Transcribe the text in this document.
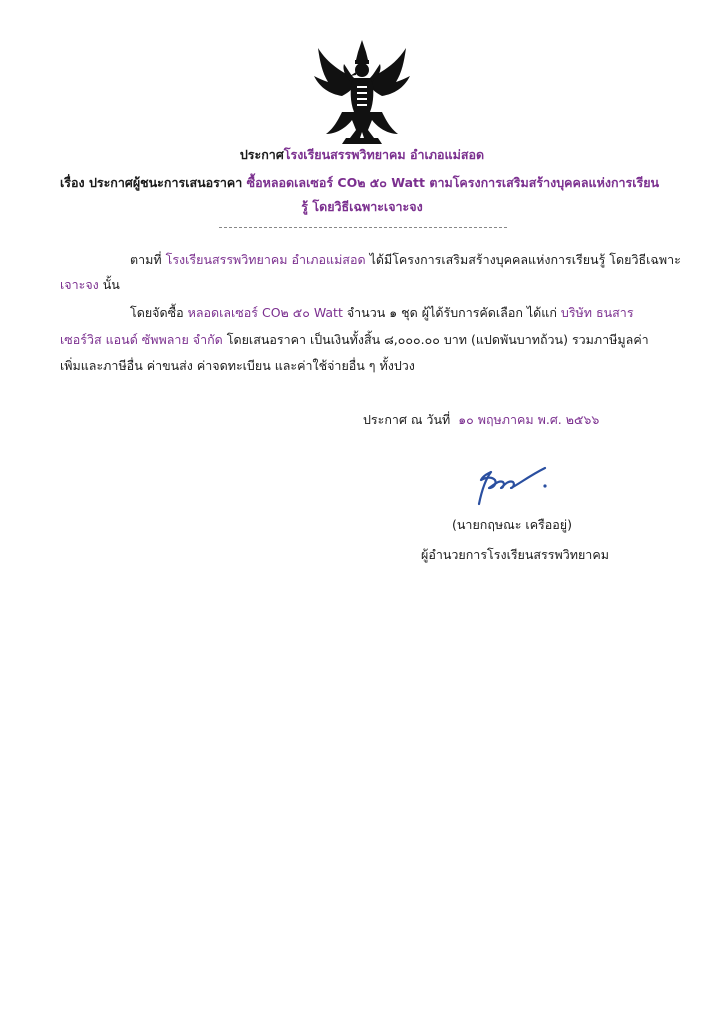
ประกาศโรงเรียนสรรพวิทยาคม อำเภอแม่สอด
เรื่อง ประกาศผู้ชนะการเสนอราคา ซื้อหลอดเลเซอร์ CO๒ ๕๐ Watt ตามโครงการเสริมสร้างบุคคลแห่งการเรียน
รู้ โดยวิธีเฉพาะเจาะจง
ตามที่ โรงเรียนสรรพวิทยาคม อำเภอแม่สอด ได้มีโครงการเสริมสร้างบุคคลแห่งการเรียนรู้ โดยวิธีเฉพาะ
เจาะจง นั้น
โดยจัดซื้อ หลอดเลเซอร์ CO๒ ๕๐ Watt จำนวน ๑ ชุด ผู้ได้รับการคัดเลือก ได้แก่ บริษัท ธนสาร
เซอร์วิส แอนด์ ซัพพลาย จำกัด โดยเสนอราคา เป็นเงินทั้งสิ้น ๘,๐๐๐.๐๐ บาท (แปดพันบาทถ้วน) รวมภาษีมูลค่า
เพิ่มและภาษีอื่น ค่าขนส่ง ค่าจดทะเบียน และค่าใช้จ่ายอื่น ๆ ทั้งปวง
ประกาศ ณ วันที่ ๑๐ พฤษภาคม พ.ศ. ๒๕๖๖
(นายกฤษณะ เครืออยู่)
ผู้อำนวยการโรงเรียนสรรพวิทยาคม
